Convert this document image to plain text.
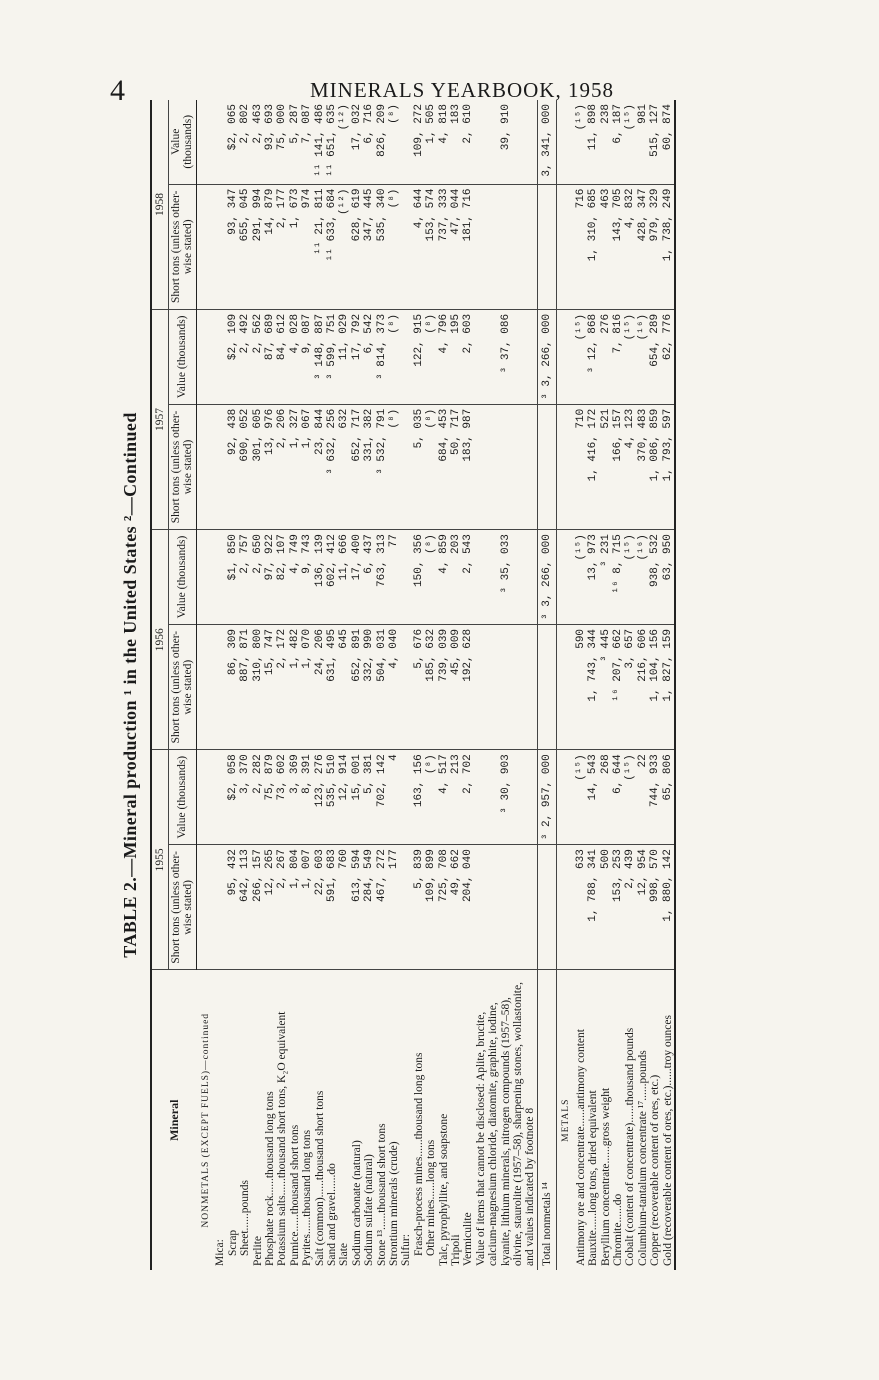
4	MINERALS YEARBOOK, 1958
TABLE 2.—Mineral production ¹ in the United States ²—Continued
Mineral	1955		1956		1957		1958	
	Short tons (unless other-wise stated)	Value (thousands)	Short tons (unless other-wise stated)	Value (thousands)	Short tons (unless other-wise stated)	Value (thousands)	Short tons (unless other-wise stated)	Value (thousands)
NONMETALS (EXCEPT FUELS)—continued								
Mica:								
Scrap	95, 432	$2, 058	86, 309	$1, 850	92, 438	$2, 109	93, 347	$2, 065
Sheet......pounds	642, 113	3, 370	887, 871	2, 757	690, 052	2, 492	655, 045	2, 802
Perlite	266, 157	2, 282	310, 800	2, 650	301, 605	2, 562	291, 994	2, 463
Phosphate rock......thousand long tons	12, 265	75, 879	15, 747	97, 922	13, 976	87, 689	14, 879	93, 693
Potassium salts......thousand short tons, K₂O equivalent	2, 267	73, 602	2, 172	82, 107	2, 206	84, 612	2, 177	75, 000
Pumice......thousand short tons	1, 804	3, 369	1, 482	4, 749	1, 327	4, 028	1, 673	5, 287
Pyrites......thousand long tons	1, 007	8, 391	1, 070	9, 743	1, 067	9, 087	974	7, 087
Salt (common)......thousand short tons	22, 603	123, 276	24, 206	136, 139	23, 844	³ 148, 887	¹¹ 21, 811	¹¹ 141, 486
Sand and gravel......do	591, 683	535, 510	631, 495	602, 412	³ 632, 256	³ 599, 751	¹¹ 633, 684	¹¹ 651, 635
Slate	760	12, 914	645	11, 666	632	11, 029	(¹²)	(¹²)
Sodium carbonate (natural)	613, 594	15, 001	652, 891	17, 400	652, 717	17, 792	628, 619	17, 032
Sodium sulfate (natural)	284, 549	5, 381	332, 990	6, 437	331, 382	6, 542	347, 445	6, 716
Stone ¹³......thousand short tons	467, 272	702, 142	504, 031	763, 313	³ 532, 791	³ 814, 373	535, 340	826, 209
Strontium minerals (crude)	177	4	4, 040	77	(⁸)	(⁸)	(⁸)	(⁸)
Sulfur:								
Frasch-process mines......thousand long tons	5, 839	163, 156	5, 676	150, 356	5, 035	122, 915	4, 644	109, 272
Other mines......long tons	109, 899	(⁸)	185, 632	(⁸)	(⁸)	(⁸)	153, 574	1, 505
Talc, pyrophyllite, and soapstone	725, 708	4, 517	739, 039	4, 859	684, 453	4, 796	737, 333	4, 818
Tripoli	49, 662	213	45, 009	203	50, 717	195	47, 044	183
Vermiculite	204, 040	2, 702	192, 628	2, 543	183, 987	2, 603	181, 716	2, 610
Value of items that cannot be disclosed: Aplite, brucite, calcium-magnesium chloride, diatomite, graphite, iodine, kyanite, lithium minerals, nitrogen compounds (1957–58), olivine, staurolite (1957–58), sharpening stones, wollastonite, and values indicated by footnote 8		³ 30, 903		³ 35, 033		³ 37, 086		39, 910
Total nonmetals ¹⁴		³ 2, 957, 000		³ 3, 266, 000		³ 3, 266, 000		3, 341, 000
METALS								
Antimony ore and concentrate......antimony content	633	(¹⁵)	590	(¹⁵)	710	(¹⁵)	716	(¹⁵)
Bauxite......long tons, dried equivalent	1, 788, 341	14, 543	1, 743, 344	13, 973	1, 416, 172	³ 12, 868	1, 310, 685	11, 898
Beryllium concentrate......gross weight	500	268	³ 445	³ 231	521	276	463	238
Chromite......do	153, 253	6, 644	¹⁶ 207, 662	¹⁶ 8, 715	166, 157	7, 816	143, 705	6, 187
Cobalt (content of concentrate)......thousand pounds	2, 439	(¹⁵)	3, 657	(¹⁵)	4, 123	(¹⁵)	4, 832	(¹⁵)
Columbium-tantalum concentrate ¹⁷......pounds	12, 954	22	216, 606	(¹⁶)	370, 483	(¹⁶)	428, 347	981
Copper (recoverable content of ores, etc.)	998, 570	744, 933	1, 104, 156	938, 532	1, 086, 859	654, 289	979, 329	515, 127
Gold (recoverable content of ores, etc.)......troy ounces	1, 880, 142	65, 806	1, 827, 159	63, 950	1, 793, 597	62, 776	1, 738, 249	60, 874
